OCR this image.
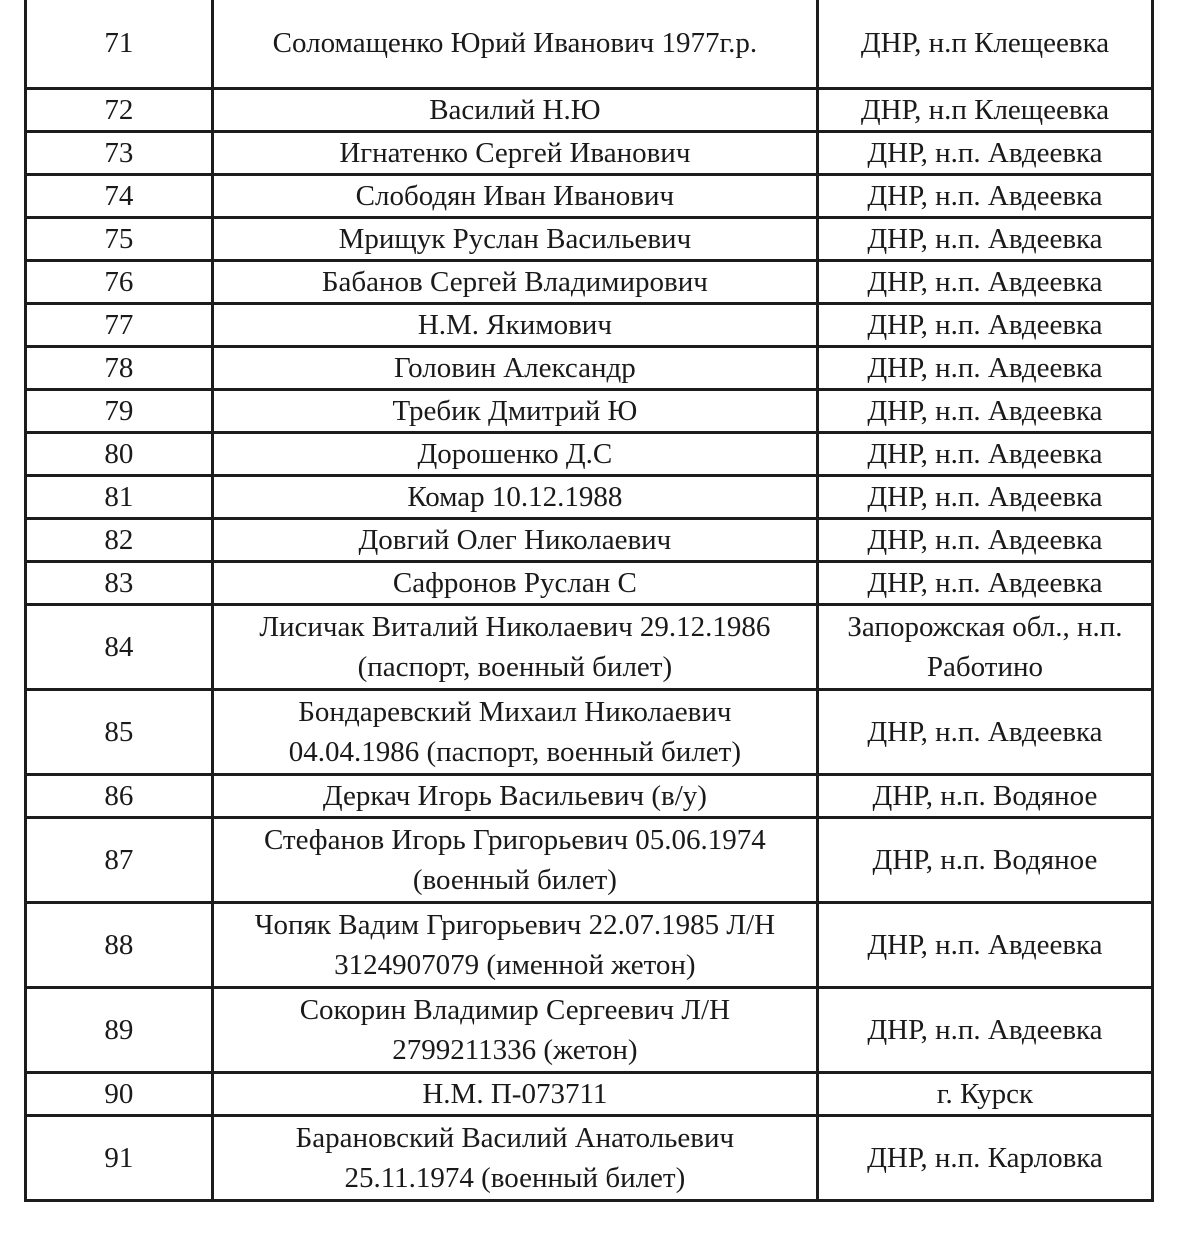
71	Соломащенко Юрий Иванович 1977г.р.	ДНР, н.п Клещеевка

72	Василий Н.Ю	ДНР, н.п Клещеевка

73	Игнатенко Сергей Иванович	ДНР, н.п. Авдеевка

74	Слободян Иван Иванович	ДНР, н.п. Авдеевка

75	Мрищук Руслан Васильевич	ДНР, н.п. Авдеевка

76	Бабанов Сергей Владимирович	ДНР, н.п. Авдеевка

77	Н.М. Якимович	ДНР, н.п. Авдеевка

78	Головин Александр	ДНР, н.п. Авдеевка

79	Требик Дмитрий Ю	ДНР, н.п. Авдеевка

80	Дорошенко Д.С	ДНР, н.п. Авдеевка

81	Комар 10.12.1988	ДНР, н.п. Авдеевка

82	Довгий Олег Николаевич	ДНР, н.п. Авдеевка

83	Сафронов Руслан С	ДНР, н.п. Авдеевка

84	Лисичак Виталий Николаевич 29.12.1986
(паспорт, военный билет)	Запорожская обл., н.п.
Работино

85	Бондаревский Михаил Николаевич
04.04.1986 (паспорт, военный билет)	ДНР, н.п. Авдеевка

86	Деркач Игорь Васильевич (в/у)	ДНР, н.п. Водяное

87	Стефанов Игорь Григорьевич 05.06.1974
(военный билет)	ДНР, н.п. Водяное

88	Чопяк Вадим Григорьевич 22.07.1985 Л/Н
3124907079 (именной жетон)	ДНР, н.п. Авдеевка

89	Сокорин Владимир Сергеевич Л/Н
2799211336 (жетон)	ДНР, н.п. Авдеевка

90	Н.М. П-073711	г. Курск

91	Барановский Василий Анатольевич
25.11.1974 (военный билет)	ДНР, н.п. Карловка
